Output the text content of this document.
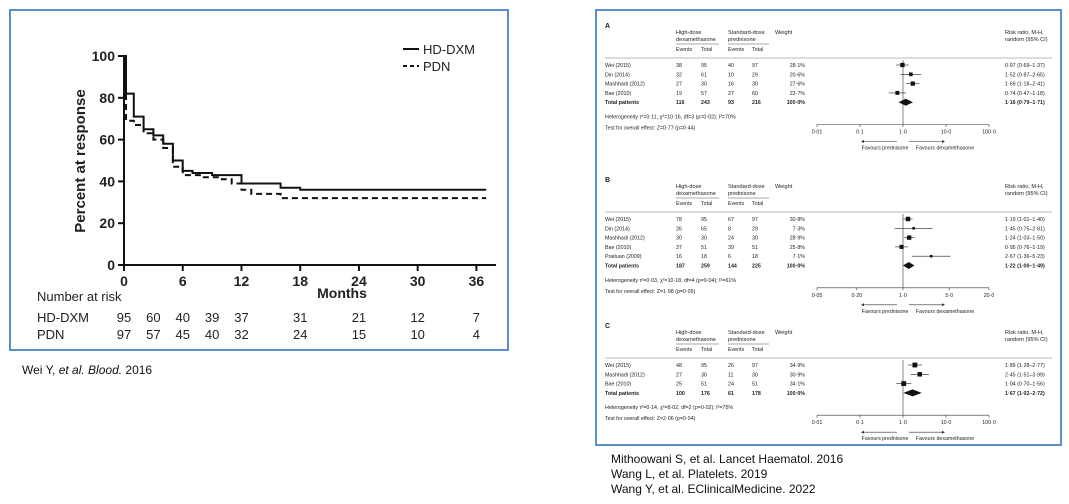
0
20
40
60
80
100
0	6	12	18	24	30	36
Months
Percent at response
HD-DXM
PDN
Number at risk
HD-DXM 95 60 40 39 37	31	21	12	7
PDN	97 57 45 40 32	24	15	10	4
Wei Y, et al. Blood. 2016
A
High-dose
dexamethasone
Standard-dose
prednisone
Weight	Risk ratio, M-H,
random (95% CI)
Events Total	Events Total
Wei (2015)	38	95	40	97	28·1%	0·97 (0·69–1·37)
Din (2014)	32	61	10	29	20·6%	1·52 (0·87–2·65)
Mashhadi (2012)	27	30	16	30	27·6%	1·69 (1·18–2·41)
Bae (2010)	19	57	27	60	23·7%	0·74 (0·47–1·18)
Total patients	116	243	93	216	100·0%	1·16 (0·79–1·71)
Heterogeneity τ²=0·11, χ²=10·16, df=3 (p=0·02); I²=70%
Test for overall effect: Z=0·77 (p=0·44)
0·01	0·1	1·0	10·0	100·0
Favours prednisone Favours dexamethasone
B
High-dose
dexamethasone
Standard-dose
prednisone
Weight	Risk ratio, M-H,
random (95% CI)
Events Total	Events Total
Wei (2015)	78	95	67	97	30·8%	1·19 (1·01–1·40)
Din (2014)	26	65	8	29	7·3%	1·45 (0·75–2·81)
Mashhadi (2012)	30	30	24	30	28·9%	1·24 (1·03–1·50)
Bae (2010)	37	51	39	51	25·8%	0·95 (0·76–1·19)
Praituan (2009)	16	18	6	18	7·1%	2·67 (1·36–5·23)
Total patients	187	259	144	225	100·0%	1·22 (1·00–1·49)
Heterogeneity τ²=0·03, χ²=10·18, df=4 (p=0·04); I²=61%
Test for overall effect: Z=1·98 (p=0·05)
0·05	0·20	1·0	5·0	20·0
Favours prednisone Favours dexamethasone
C
High-dose
dexamethasone
Standard-dose
prednisone
Weight	Risk ratio, M-H,
random (95% CI)
Events Total	Events Total
Wei (2015)	48	95	26	97	34·9%	1·89 (1·28–2·77)
Mashhadi (2012)	27	30	11	30	30·9%	2·45 (1·51–3·99)
Bae (2010)	25	51	24	51	34·1%	1·04 (0·70–1·56)
Total patients	100	176	61	178	100·0%	1·67 (1·02–2·72)
Heterogeneity τ²=0·14, χ²=8·02, df=2 (p=0·02); I²=75%
Test for overall effect: Z=2·06 (p=0·04)
0·01	0·1	1·0	10·0	100·0
Favours prednisone Favours dexamethasone
Mithoowani S, et al. Lancet Haematol. 2016
Wang L, et al. Platelets. 2019
Wang Y, et al. EClinicalMedicine. 2022
